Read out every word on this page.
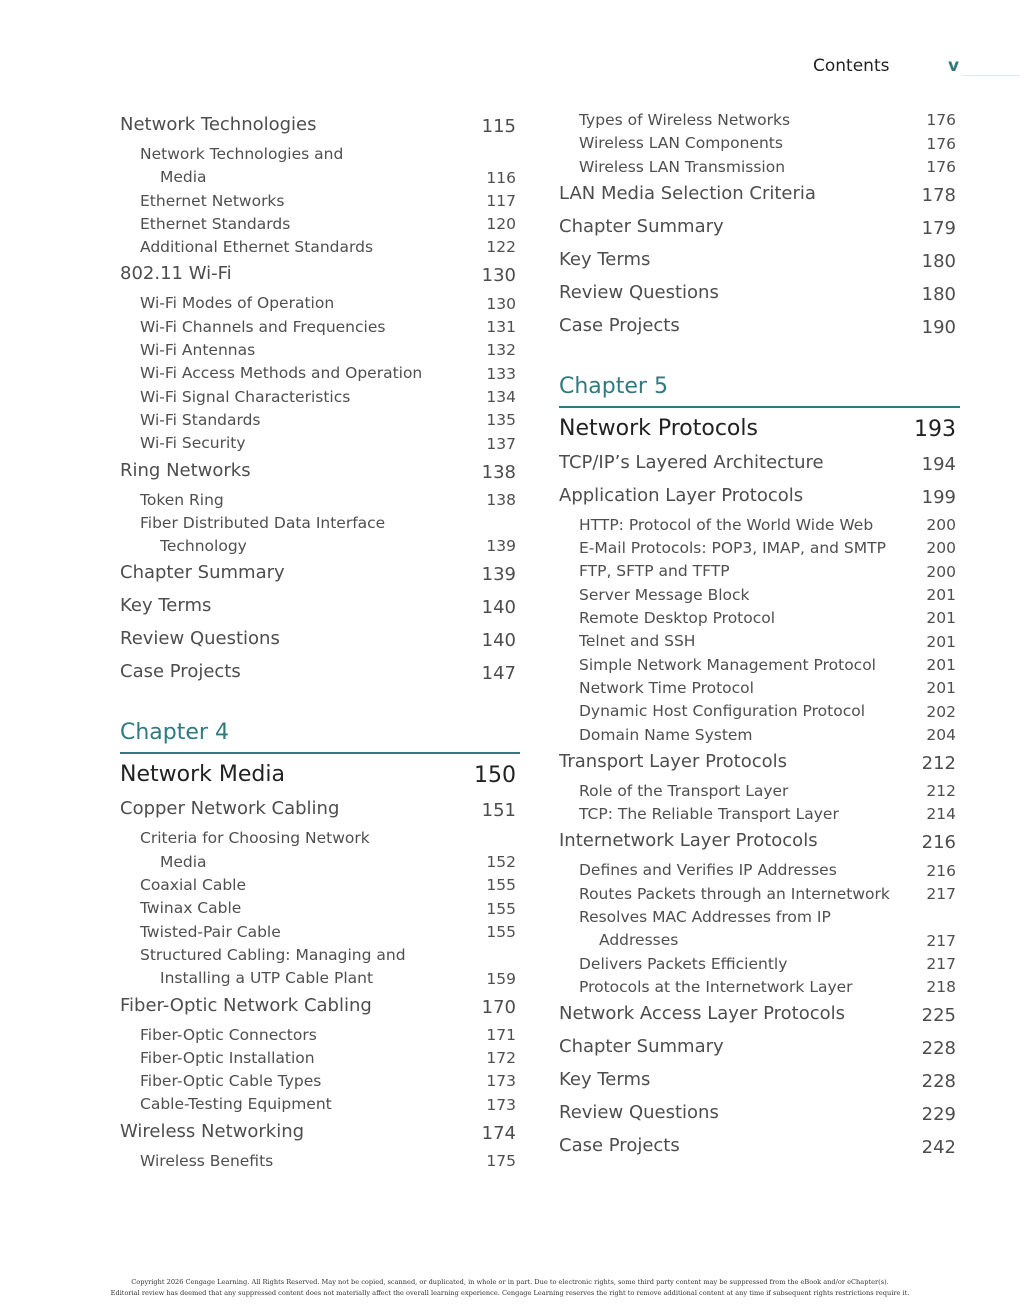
Contents	v
Network Technologies	115
Network Technologies and
Media	116
Ethernet Networks	117
Ethernet Standards	120
Additional Ethernet Standards	122
802.11 Wi-Fi	130
Wi-Fi Modes of Operation	130
Wi-Fi Channels and Frequencies	131
Wi-Fi Antennas	132
Wi-Fi Access Methods and Operation	133
Wi-Fi Signal Characteristics	134
Wi-Fi Standards	135
Wi-Fi Security	137
Ring Networks	138
Token Ring	138
Fiber Distributed Data Interface
Technology	139
Chapter Summary	139
Key Terms	140
Review Questions	140
Case Projects	147
Chapter 4
Network Media	150
Copper Network Cabling	151
Criteria for Choosing Network
Media	152
Coaxial Cable	155
Twinax Cable	155
Twisted-Pair Cable	155
Structured Cabling: Managing and
Installing a UTP Cable Plant	159
Fiber-Optic Network Cabling	170
Fiber-Optic Connectors	171
Fiber-Optic Installation	172
Fiber-Optic Cable Types	173
Cable-Testing Equipment	173
Wireless Networking	174
Wireless Benefits	175
Types of Wireless Networks	176
Wireless LAN Components	176
Wireless LAN Transmission	176
LAN Media Selection Criteria	178
Chapter Summary	179
Key Terms	180
Review Questions	180
Case Projects	190
Chapter 5
Network Protocols	193
TCP/IP’s Layered Architecture	194
Application Layer Protocols	199
HTTP: Protocol of the World Wide Web	200
E-Mail Protocols: POP3, IMAP, and SMTP	200
FTP, SFTP and TFTP	200
Server Message Block	201
Remote Desktop Protocol	201
Telnet and SSH	201
Simple Network Management Protocol	201
Network Time Protocol	201
Dynamic Host Configuration Protocol	202
Domain Name System	204
Transport Layer Protocols	212
Role of the Transport Layer	212
TCP: The Reliable Transport Layer	214
Internetwork Layer Protocols	216
Defines and Verifies IP Addresses	216
Routes Packets through an Internetwork 217
Resolves MAC Addresses from IP
Addresses	217
Delivers Packets Efficiently	217
Protocols at the Internetwork Layer	218
Network Access Layer Protocols	225
Chapter Summary	228
Key Terms	228
Review Questions	229
Case Projects	242
Copyright 2026 Cengage Learning. All Rights Reserved. May not be copied, scanned, or duplicated, in whole or in part. Due to electronic rights, some third party content may be suppressed from the eBook and/or eChapter(s).
Editorial review has deemed that any suppressed content does not materially affect the overall learning experience. Cengage Learning reserves the right to remove additional content at any time if subsequent rights restrictions require it.
